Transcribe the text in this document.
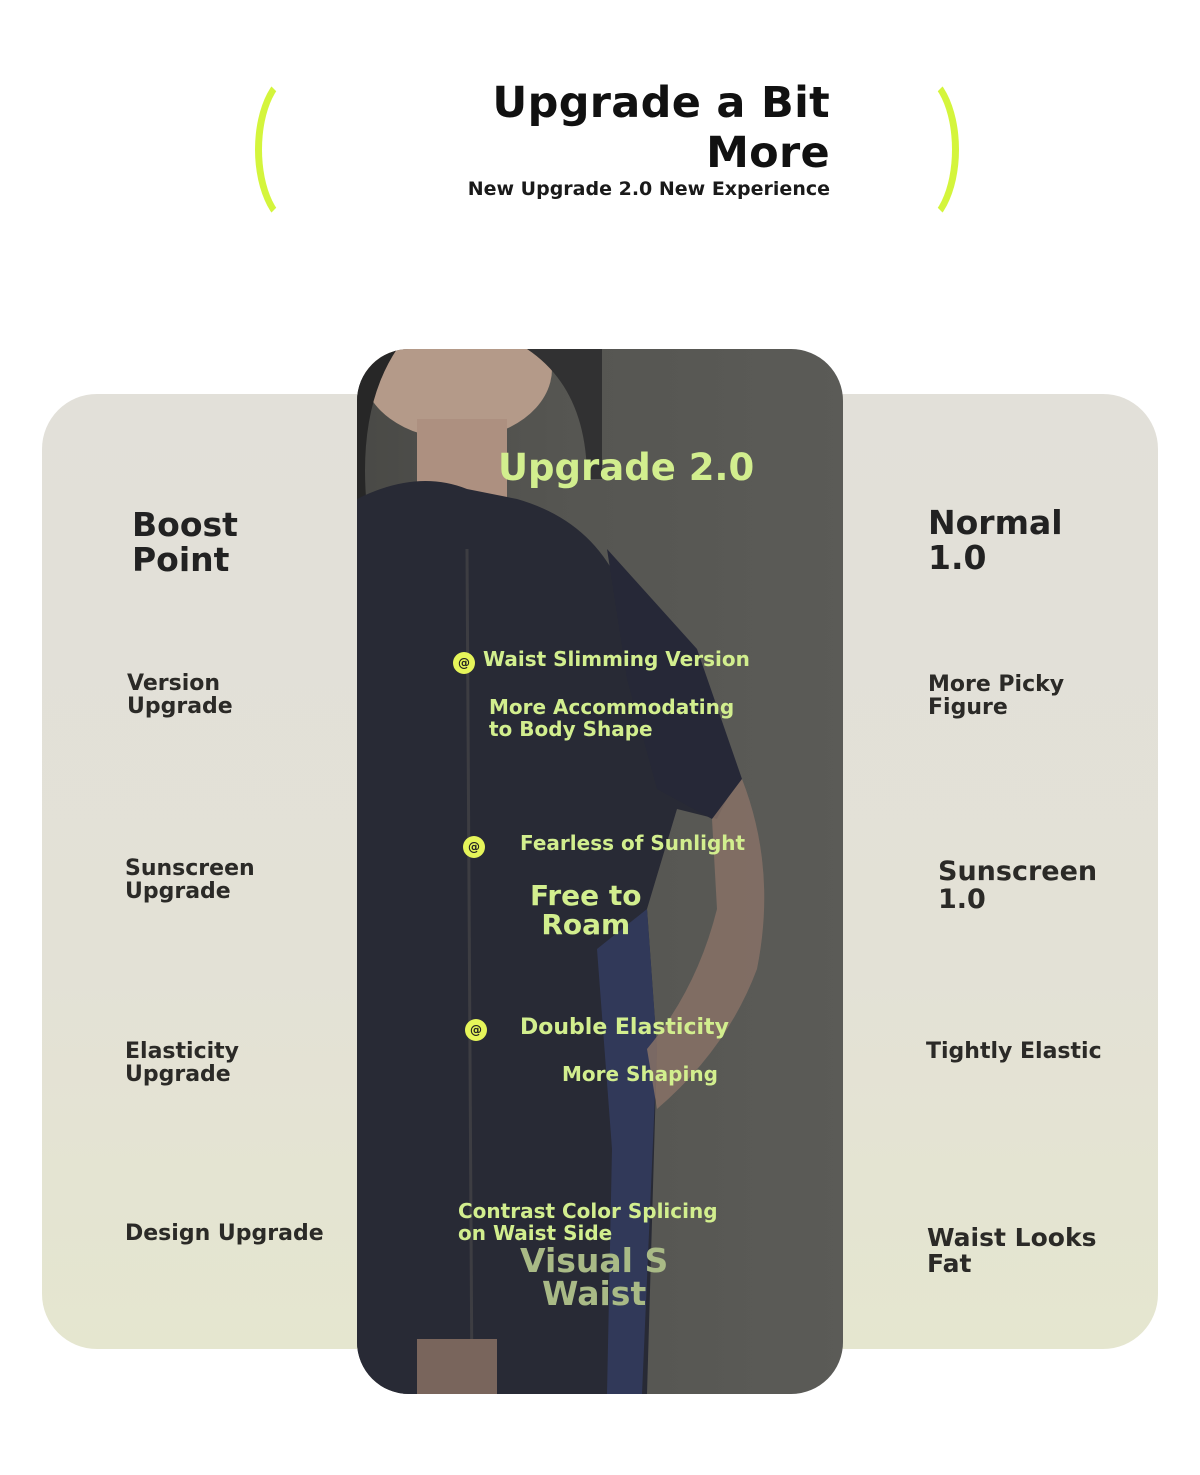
Upgrade a Bit More
New Upgrade 2.0 New Experience
Boost
Point
Version
Upgrade
Sunscreen
Upgrade
Elasticity
Upgrade
Design Upgrade
Normal
1.0
More Picky
Figure
Sunscreen
1.0
Tightly Elastic
Waist Looks
Fat
Upgrade 2.0
@ Waist Slimming Version
More Accommodating
to Body Shape
@ Fearless of Sunlight
Free to
Roam
@ Double Elasticity
More Shaping
Contrast Color Splicing
on Waist Side
Visual S
Waist
